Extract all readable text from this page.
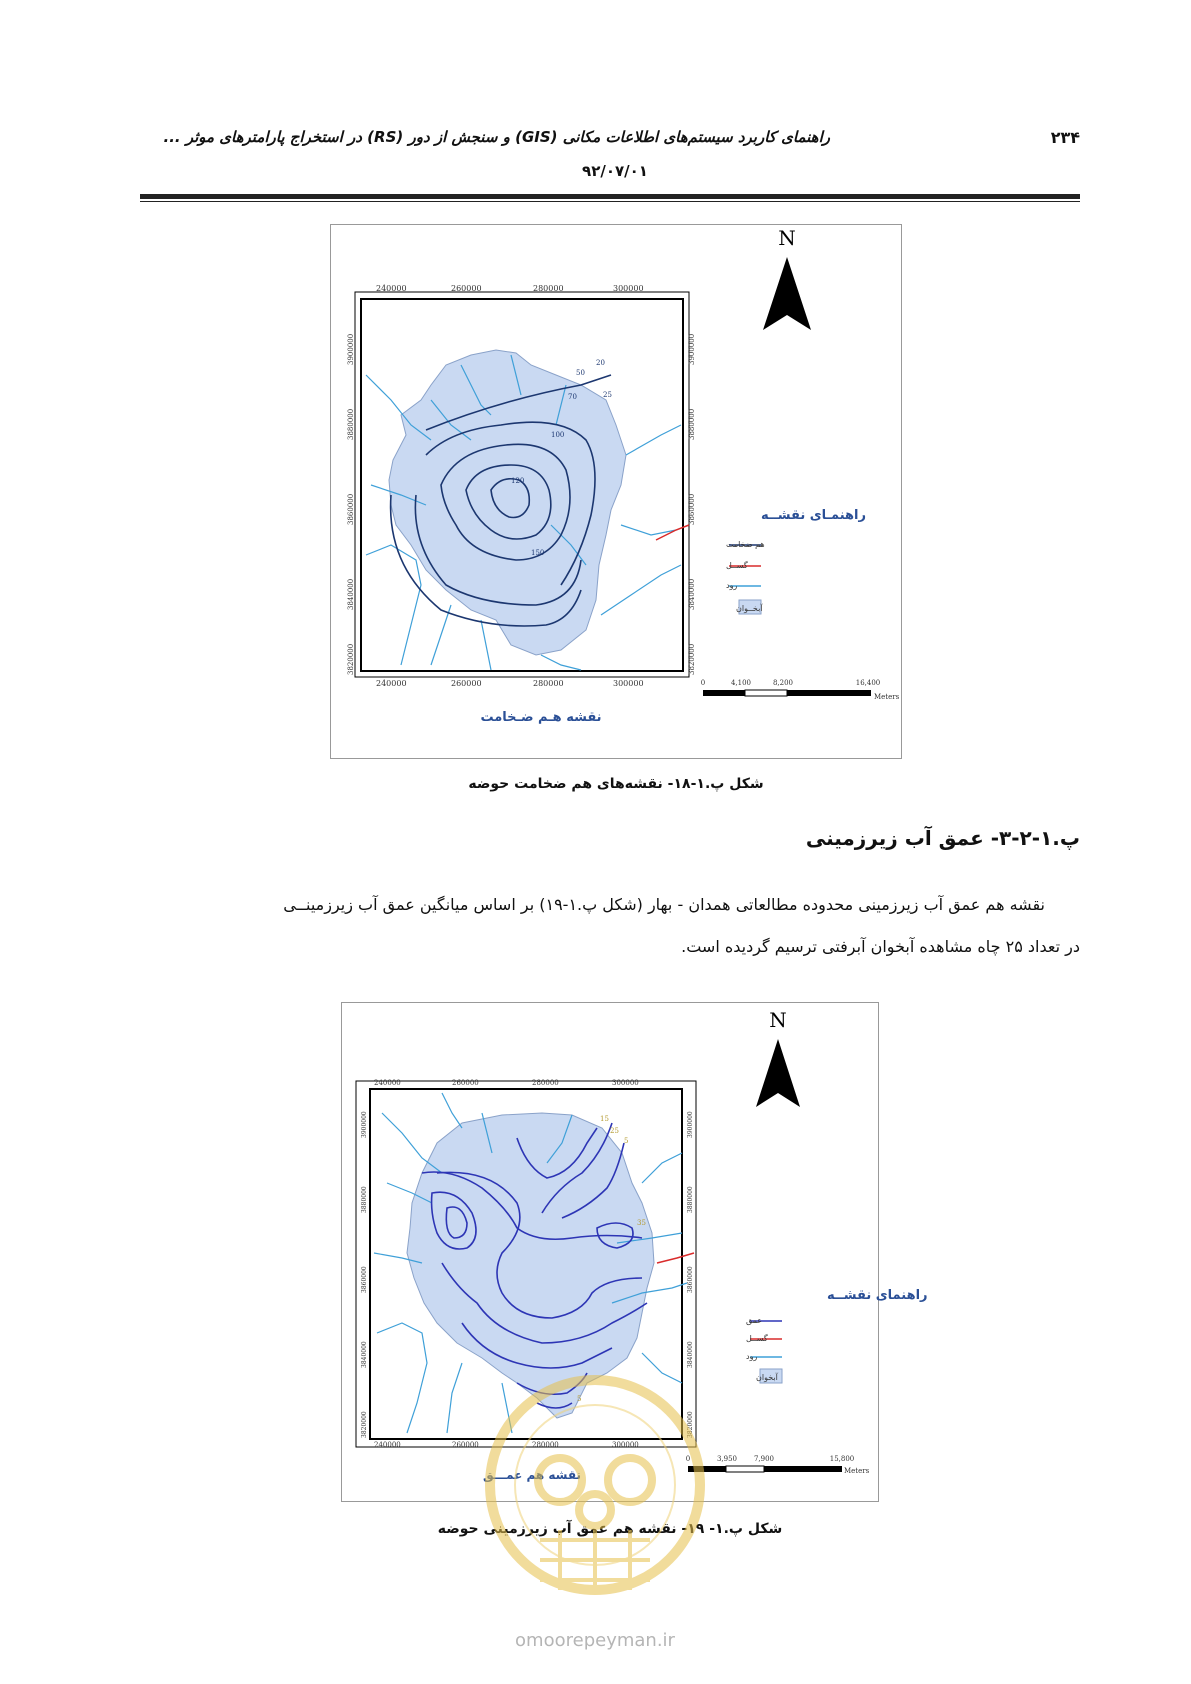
راهنمای کاربرد سیستم‌های اطلاعات مکانی (GIS) و سنجش از دور (RS) در استخراج پارامترهای موثر ...	۲۳۴
۹۲/۰۷/۰۱
120
100
70
50
150
20
25
240000	260000	280000	300000
240000	260000	280000	300000
3900000
3880000
3860000
3840000
3820000
3900000
3880000
3860000
3840000
3820000
N
راهنمـای نقشــه
هم ضخامت
گســل
رود
آبخــوان
0	4,100	8,200	16,400
Meters
نقشه هـم ضـخامت
شکل پ.۱-۱۸- نقشه‌های هم ضخامت حوضه
پ.۱-۲-۳- عمق آب زیرزمینی
نقشه هم عمق آب زیرزمینی محدوده مطالعاتی همدان - بهار (شکل پ.۱-۱۹) بر اساس میانگین عمق آب زیرزمینــی
در تعداد ۲۵ چاه مشاهده آبخوان آبرفتی ترسیم گردیده است.
15
25
5
35
5
240000	260000	280000	300000
240000	260000	280000	300000
3900000
3880000
3860000
3840000
3820000
3900000
3880000
3860000
3840000
3820000
N
راهنمای نقشــه
عمق
گســل
رود
آبخوان
0	3,950 7,900	15,800
Meters
نقشه هم عمـــق
شکل پ.۱- ۱۹- نقشه هم عمق آب زیرزمینی حوضه
omoorepeyman.ir
